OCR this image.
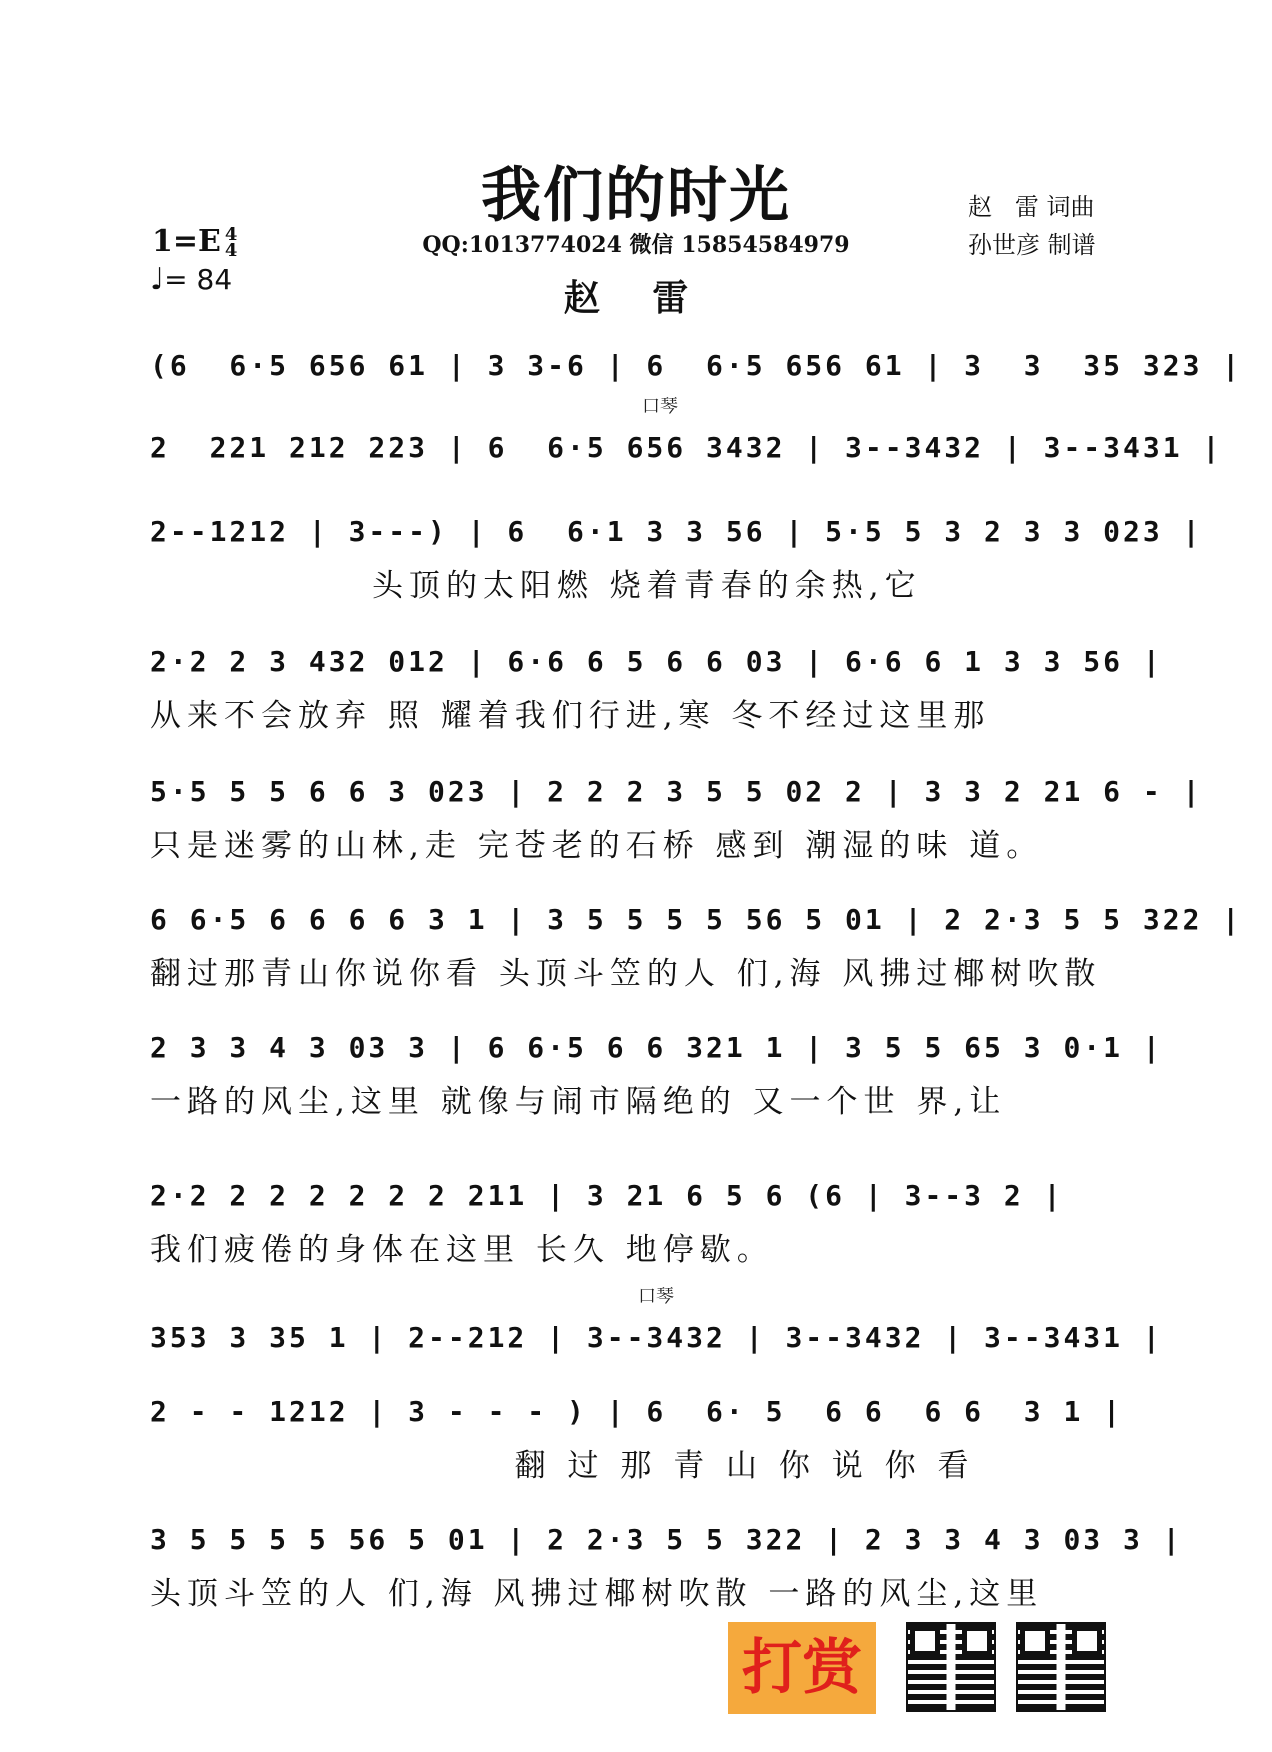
我们的时光
QQ:1013774024 微信 15854584979
赵 雷
赵   雷 词曲
孙世彦 制谱
1=E 4
4
♩= 84
口琴
口琴
(6  6·5 656 61 | 3 3-6 | 6  6·5 656 61 | 3  3  35 323 |
2  221 212 223 | 6  6·5 656 3432 | 3--3432 | 3--3431 |
2--1212 | 3---) | 6  6·1 3 3 56 | 5·5 5 3 2 3 3 023 |
头顶的太阳燃 烧着青春的余热,它
2·2 2 3 432 012 | 6·6 6 5 6 6 03 | 6·6 6 1 3 3 56 |
从来不会放弃 照 耀着我们行进,寒 冬不经过这里那
5·5 5 5 6 6 3 023 | 2 2 2 3 5 5 02 2 | 3 3 2 21 6 - |
只是迷雾的山林,走 完苍老的石桥 感到 潮湿的味 道。
6 6·5 6 6 6 6 3 1 | 3 5 5 5 5 56 5 01 | 2 2·3 5 5 322 |
翻过那青山你说你看 头顶斗笠的人 们,海 风拂过椰树吹散
2 3 3 4 3 03 3 | 6 6·5 6 6 321 1 | 3 5 5 65 3 0·1 |
一路的风尘,这里 就像与闹市隔绝的 又一个世 界,让
2·2 2 2 2 2 2 2 211 | 3 21 6 5 6 (6 | 3--3 2 |
我们疲倦的身体在这里 长久 地停歇。
353 3 35 1 | 2--212 | 3--3432 | 3--3432 | 3--3431 |
2 - - 1212 | 3 - - - ) | 6  6· 5  6 6  6 6  3 1 |
翻 过 那 青 山 你 说 你 看
3 5 5 5 5 56 5 01 | 2 2·3 5 5 322 | 2 3 3 4 3 03 3 |
头顶斗笠的人 们,海 风拂过椰树吹散 一路的风尘,这里
打赏
